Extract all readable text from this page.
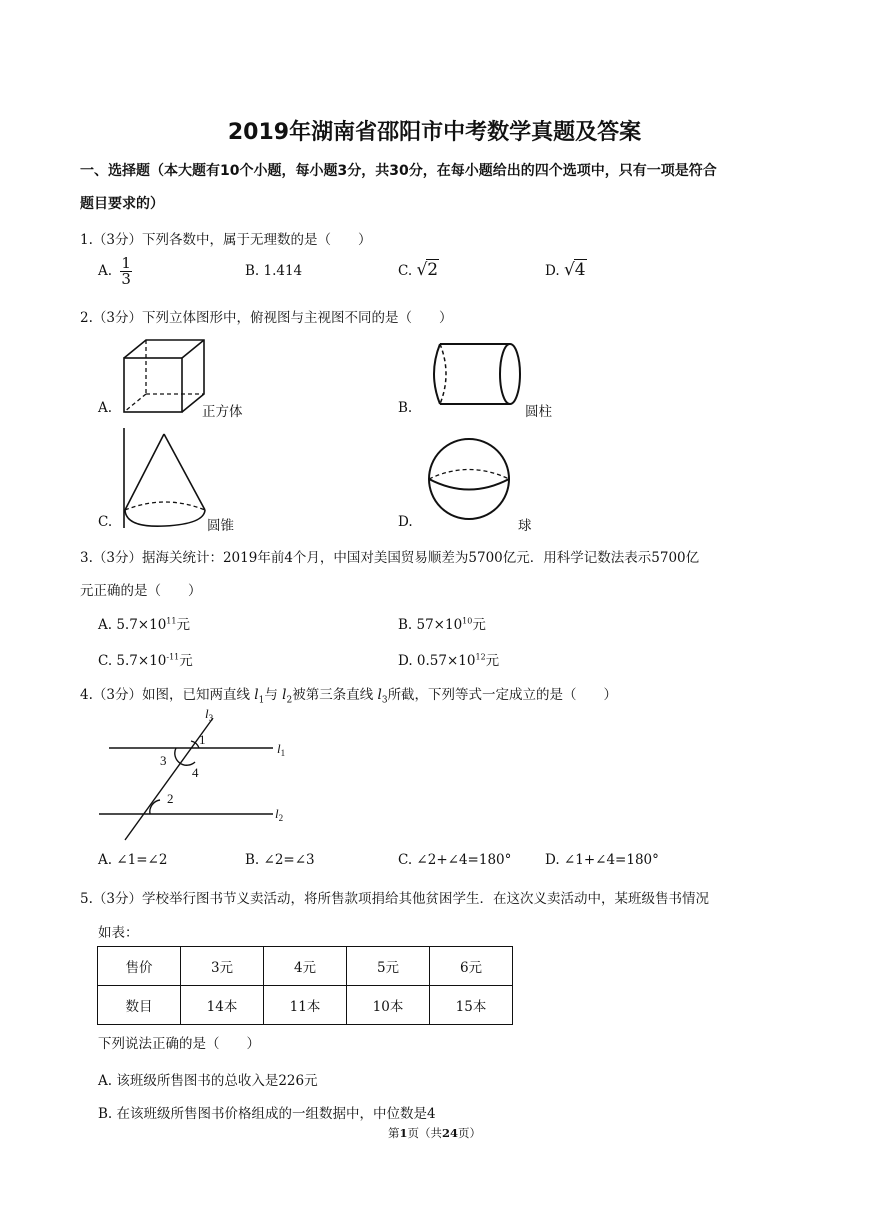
2019年湖南省邵阳市中考数学真题及答案
一、选择题（本大题有10个小题，每小题3分，共30分，在每小题给出的四个选项中，只有一项是符合
题目要求的）
1.（3分）下列各数中，属于无理数的是（　　）
A. $\frac{1}{3}$	B. 1.414	C. √2	D. √4
2.（3分）下列立体图形中，俯视图与主视图不同的是（　　）
A.	正方体	B.	圆柱
C.	圆锥	D.	球
3.（3分）据海关统计：2019年前4个月，中国对美国贸易顺差为5700亿元．用科学记数法表示5700亿
元正确的是（　　）
A. $5.7\times 10^{11}$元	B. $57\times 10^{10}$元
C. $5.7\times 10^{-11}$元	D. $0.57\times 10^{12}$元
4.（3分）如图，已知两直线 $l_1$与 $l_2$被第三条直线 $l_3$所截，下列等式一定成立的是（　　）
$l_3$
$l_1$
$l_2$
1
3
4
2
A. ∠1=∠2	B. ∠2=∠3	C. ∠2+∠4=180° D. ∠1+∠4=180°
5.（3分）学校举行图书节义卖活动，将所售款项捐给其他贫困学生．在这次义卖活动中，某班级售书情况
如表：
售价	3元	4元	5元	6元
数目	14本	11本	10本	15本
下列说法正确的是（　　）
A. 该班级所售图书的总收入是226元
B. 在该班级所售图书价格组成的一组数据中，中位数是4
第1页（共24页）
